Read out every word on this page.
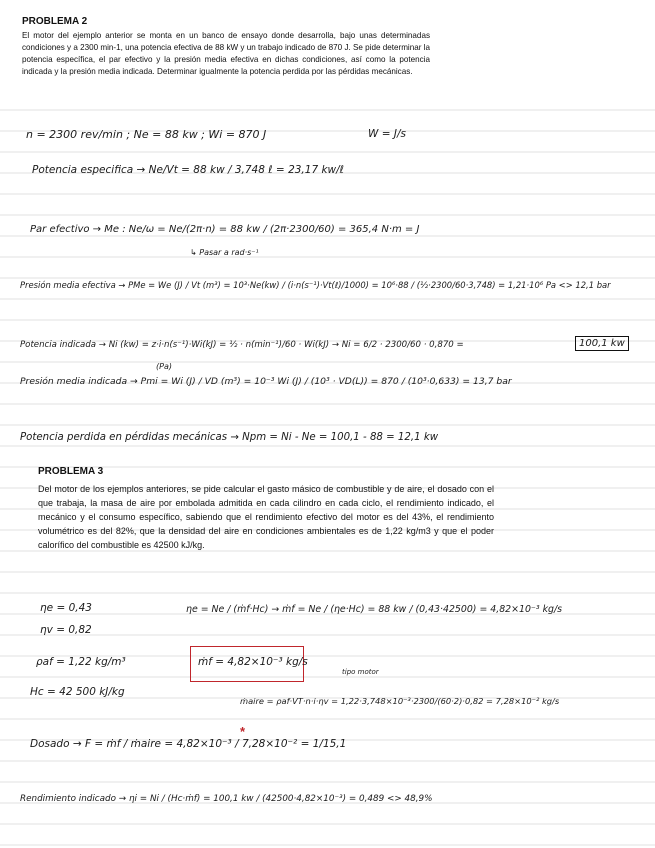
PROBLEMA 2
El motor del ejemplo anterior se monta en un banco de ensayo donde desarrolla, bajo unas determinadas condiciones y a 2300 min-1, una potencia efectiva de 88 kW y un trabajo indicado de 870 J. Se pide determinar la potencia específica, el par efectivo y la presión media efectiva en dichas condiciones, así como la potencia indicada y la presión media indicada. Determinar igualmente la potencia perdida por las pérdidas mecánicas.
n = 2300 rev/min ; Ne = 88 kw ; Wi = 870 J	W = J/s
Potencia especifica → Ne/Vt = 88 kw / 3,748 ℓ = 23,17 kw/ℓ
Par efectivo → Me : Ne/ω = Ne/(2π·n) = 88 kw / (2π·2300/60) = 365,4 N·m = J
↳ Pasar a rad·s⁻¹
Presión media efectiva → PMe = We (J) / Vt (m³) = 10³·Ne(kw) / (i·n(s⁻¹)·Vt(ℓ)/1000) = 10⁶·88 / (½·2300/60·3,748) = 1,21·10⁶ Pa <> 12,1 bar
Potencia indicada → Ni (kw) = z·i·n(s⁻¹)·Wi(kJ) = ½ · n(min⁻¹)/60 · Wi(kJ) → Ni = 6/2 · 2300/60 · 0,870 =	100,1 kw
(Pa)
Presión media indicada → Pmi = Wi (J) / VD (m³) = 10⁻³ Wi (J) / (10³ · VD(L)) = 870 / (10³·0,633) = 13,7 bar
Potencia perdida en pérdidas mecánicas → Npm = Ni - Ne = 100,1 - 88 = 12,1 kw
PROBLEMA 3
Del motor de los ejemplos anteriores, se pide calcular el gasto másico de combustible y de aire, el dosado con el que trabaja, la masa de aire por embolada admitida en cada cilindro en cada ciclo, el rendimiento indicado, el mecánico y el consumo específico, sabiendo que el rendimiento efectivo del motor es del 43%, el rendimiento volumétrico es del 82%, que la densidad del aire en condiciones ambientales es de 1,22 kg/m3 y que el poder calorífico del combustible es 42500 kJ/kg.
ηe = 0,43
ηv = 0,82
ρaf = 1,22 kg/m³
Hc = 42 500 kJ/kg
ηe = Ne / (ṁf·Hc) → ṁf = Ne / (ηe·Hc) = 88 kw / (0,43·42500) = 4,82×10⁻³ kg/s
ṁf = 4,82×10⁻³ kg/s
tipo motor
ṁaire = ρaf·VT·n·i·ηv = 1,22·3,748×10⁻³·2300/(60·2)·0,82 = 7,28×10⁻² kg/s
Dosado → F = ṁf / ṁaire = 4,82×10⁻³ / 7,28×10⁻² = 1/15,1
*
Rendimiento indicado → ηi = Ni / (Hc·ṁf) = 100,1 kw / (42500·4,82×10⁻³) = 0,489 <> 48,9%
